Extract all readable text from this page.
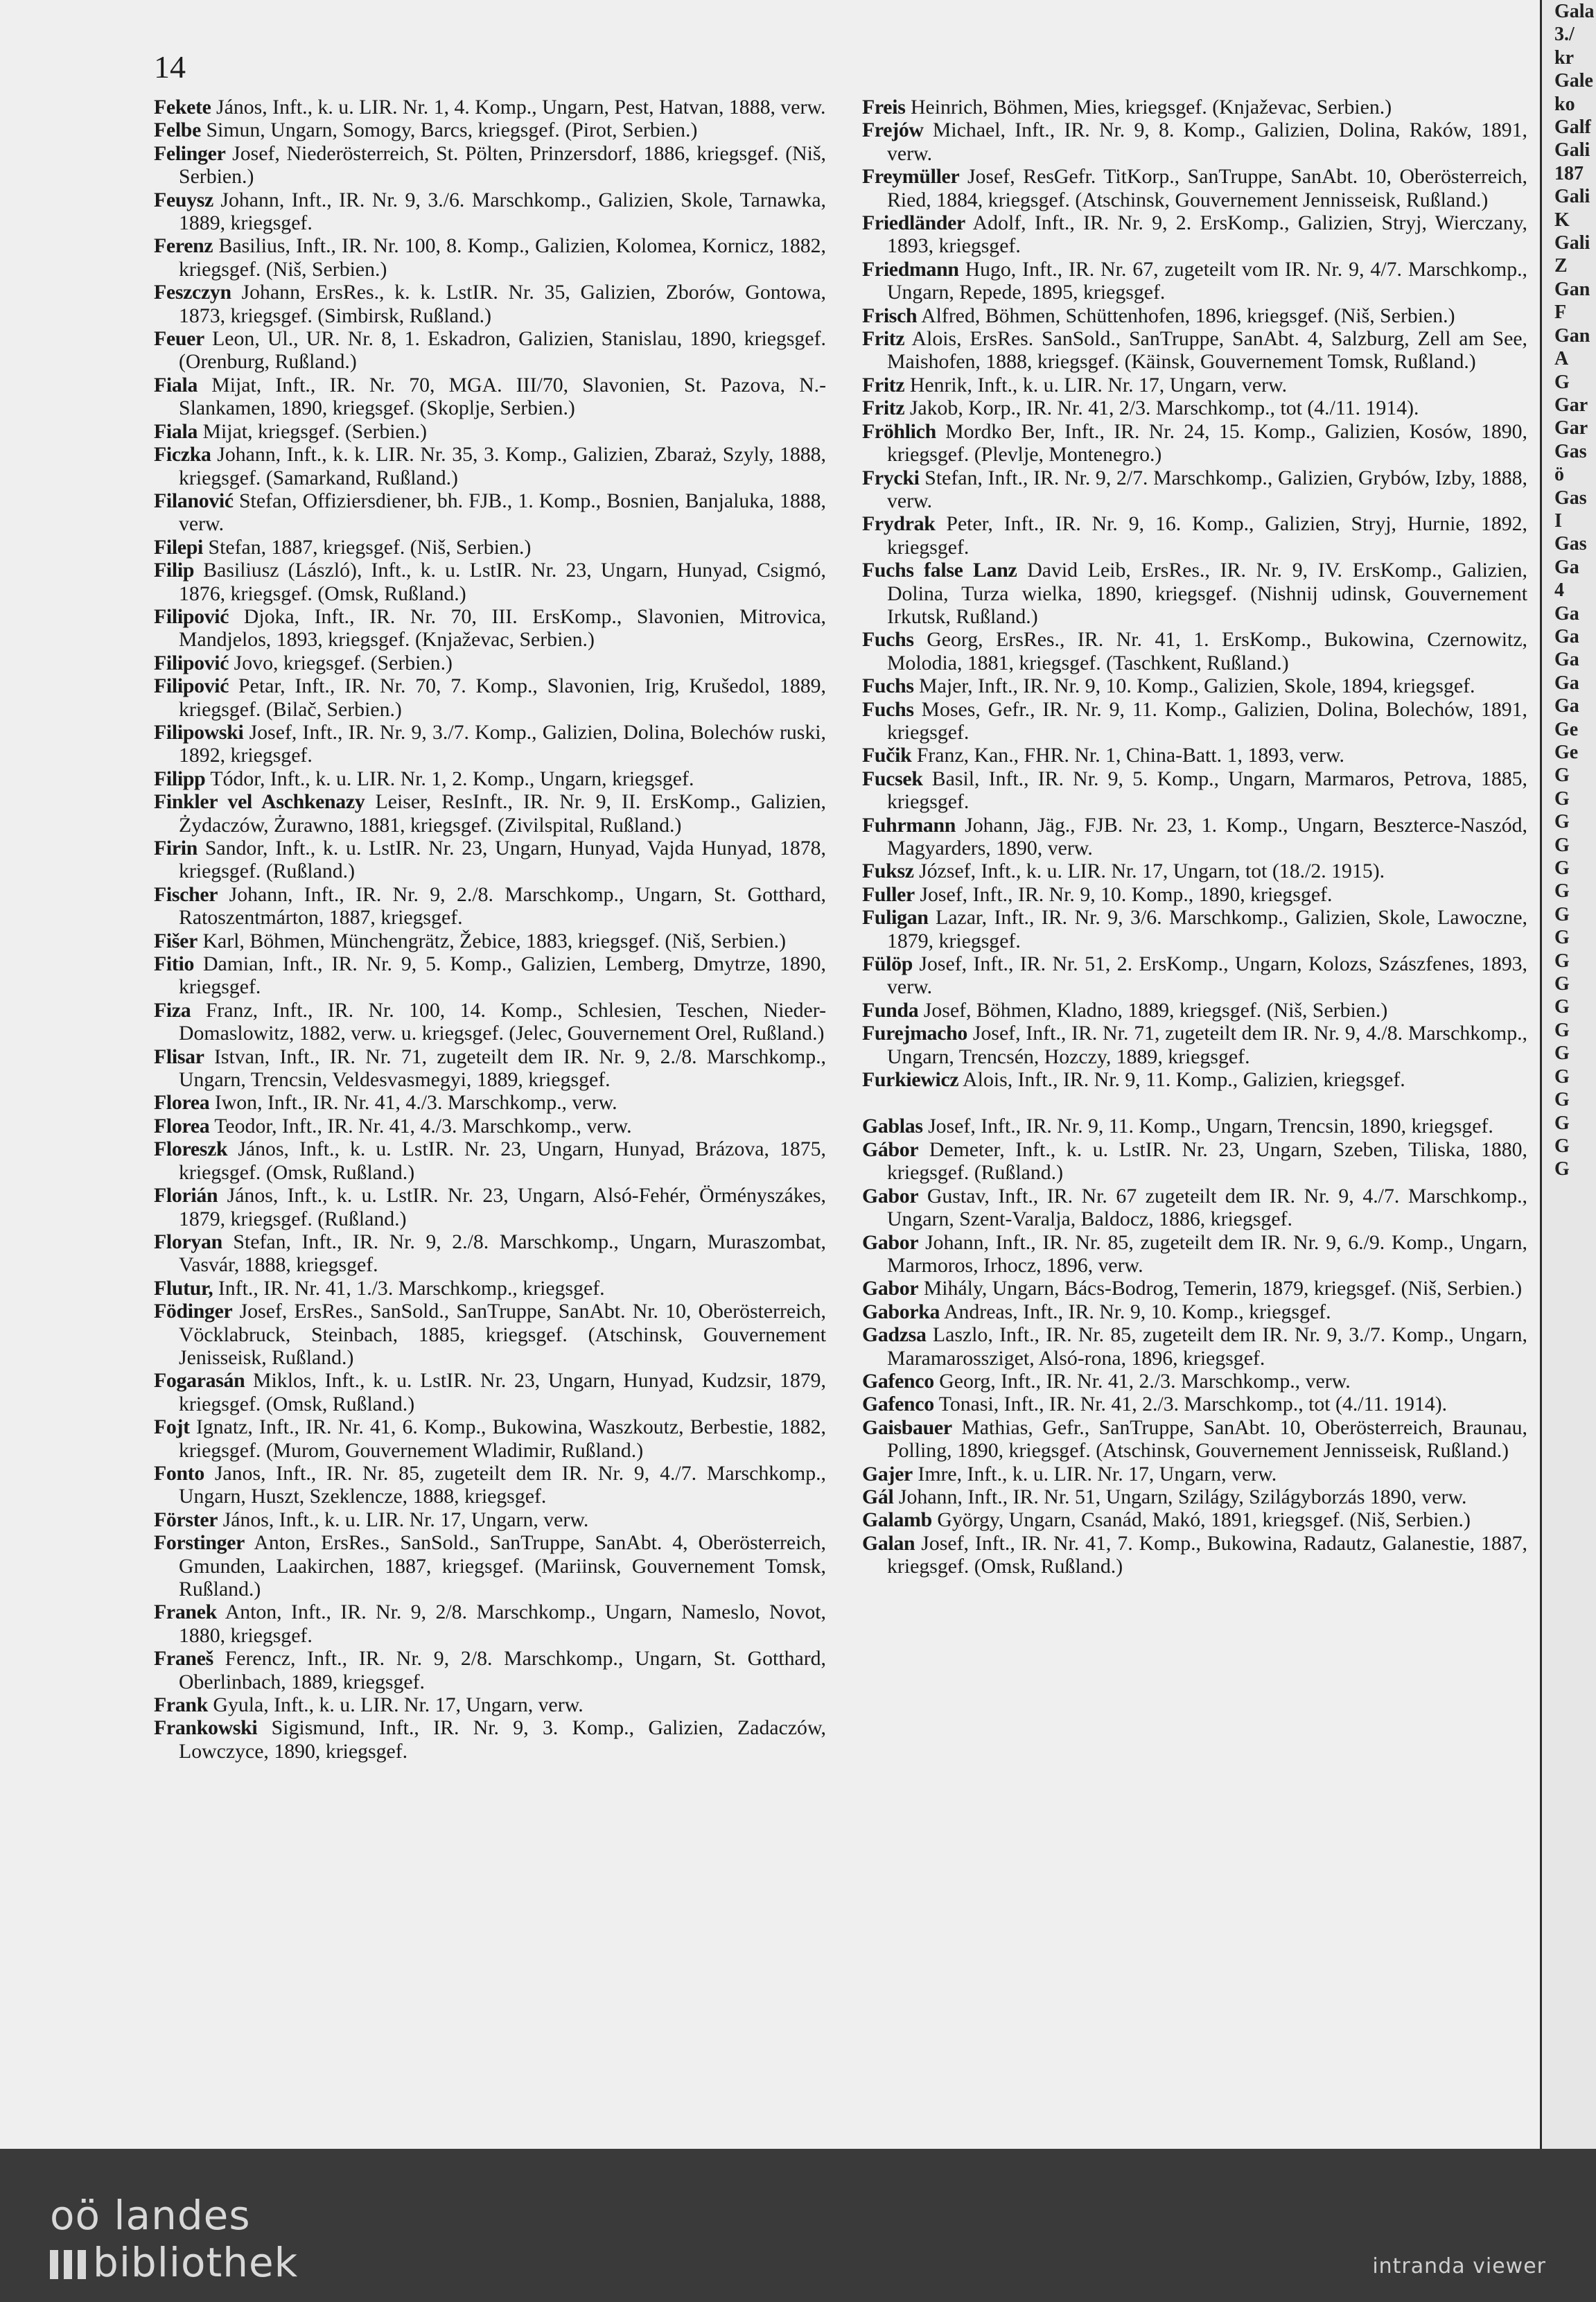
14

Fekete János, Inft., k. u. LIR. Nr. 1, 4. Komp., Ungarn, Pest, Hatvan, 1888, verw.

Felbe Simun, Ungarn, Somogy, Barcs, kriegsgef. (Pirot, Serbien.)

Felinger Josef, Niederösterreich, St. Pölten, Prinzersdorf, 1886, kriegsgef. (Niš, Serbien.)

Feuysz Johann, Inft., IR. Nr. 9, 3./6. Marschkomp., Galizien, Skole, Tarnawka, 1889, kriegsgef.

Ferenz Basilius, Inft., IR. Nr. 100, 8. Komp., Galizien, Kolomea, Kornicz, 1882, kriegsgef. (Niš, Serbien.)

Feszczyn Johann, ErsRes., k. k. LstIR. Nr. 35, Galizien, Zborów, Gontowa, 1873, kriegsgef. (Simbirsk, Rußland.)

Feuer Leon, Ul., UR. Nr. 8, 1. Eskadron, Galizien, Stanislau, 1890, kriegsgef. (Orenburg, Rußland.)

Fiala Mijat, Inft., IR. Nr. 70, MGA. III/70, Slavonien, St. Pazova, N.-Slankamen, 1890, kriegsgef. (Skoplje, Serbien.)

Fiala Mijat, kriegsgef. (Serbien.)

Ficzka Johann, Inft., k. k. LIR. Nr. 35, 3. Komp., Galizien, Zbaraż, Szyly, 1888, kriegsgef. (Samarkand, Rußland.)

Filanović Stefan, Offiziersdiener, bh. FJB., 1. Komp., Bosnien, Banjaluka, 1888, verw.

Filepi Stefan, 1887, kriegsgef. (Niš, Serbien.)

Filip Basiliusz (László), Inft., k. u. LstIR. Nr. 23, Ungarn, Hunyad, Csigmó, 1876, kriegsgef. (Omsk, Rußland.)

Filipović Djoka, Inft., IR. Nr. 70, III. ErsKomp., Slavonien, Mitrovica, Mandjelos, 1893, kriegsgef. (Knjaževac, Serbien.)

Filipović Jovo, kriegsgef. (Serbien.)

Filipović Petar, Inft., IR. Nr. 70, 7. Komp., Slavonien, Irig, Krušedol, 1889, kriegsgef. (Bilač, Serbien.)

Filipowski Josef, Inft., IR. Nr. 9, 3./7. Komp., Galizien, Dolina, Bolechów ruski, 1892, kriegsgef.

Filipp Tódor, Inft., k. u. LIR. Nr. 1, 2. Komp., Ungarn, kriegsgef.

Finkler vel Aschkenazy Leiser, ResInft., IR. Nr. 9, II. ErsKomp., Galizien, Żydaczów, Żurawno, 1881, kriegsgef. (Zivilspital, Rußland.)

Firin Sandor, Inft., k. u. LstIR. Nr. 23, Ungarn, Hunyad, Vajda Hunyad, 1878, kriegsgef. (Rußland.)

Fischer Johann, Inft., IR. Nr. 9, 2./8. Marschkomp., Ungarn, St. Gotthard, Ratoszentmárton, 1887, kriegsgef.

Fišer Karl, Böhmen, Münchengrätz, Žebice, 1883, kriegsgef. (Niš, Serbien.)

Fitio Damian, Inft., IR. Nr. 9, 5. Komp., Galizien, Lemberg, Dmytrze, 1890, kriegsgef.

Fiza Franz, Inft., IR. Nr. 100, 14. Komp., Schlesien, Teschen, Nieder-Domaslowitz, 1882, verw. u. kriegsgef. (Jelec, Gouvernement Orel, Rußland.)

Flisar Istvan, Inft., IR. Nr. 71, zugeteilt dem IR. Nr. 9, 2./8. Marschkomp., Ungarn, Trencsin, Veldesvasmegyi, 1889, kriegsgef.

Florea Iwon, Inft., IR. Nr. 41, 4./3. Marschkomp., verw.

Florea Teodor, Inft., IR. Nr. 41, 4./3. Marschkomp., verw.

Floreszk János, Inft., k. u. LstIR. Nr. 23, Ungarn, Hunyad, Brázova, 1875, kriegsgef. (Omsk, Rußland.)

Florián János, Inft., k. u. LstIR. Nr. 23, Ungarn, Alsó-Fehér, Örményszákes, 1879, kriegsgef. (Rußland.)

Floryan Stefan, Inft., IR. Nr. 9, 2./8. Marschkomp., Ungarn, Muraszombat, Vasvár, 1888, kriegsgef.

Flutur, Inft., IR. Nr. 41, 1./3. Marschkomp., kriegsgef.

Födinger Josef, ErsRes., SanSold., SanTruppe, SanAbt. Nr. 10, Oberösterreich, Vöcklabruck, Steinbach, 1885, kriegsgef. (Atschinsk, Gouvernement Jenisseisk, Rußland.)

Fogarasán Miklos, Inft., k. u. LstIR. Nr. 23, Ungarn, Hunyad, Kudzsir, 1879, kriegsgef. (Omsk, Rußland.)

Fojt Ignatz, Inft., IR. Nr. 41, 6. Komp., Bukowina, Waszkoutz, Berbestie, 1882, kriegsgef. (Murom, Gouvernement Wladimir, Rußland.)

Fonto Janos, Inft., IR. Nr. 85, zugeteilt dem IR. Nr. 9, 4./7. Marschkomp., Ungarn, Huszt, Szeklencze, 1888, kriegsgef.

Förster János, Inft., k. u. LIR. Nr. 17, Ungarn, verw.

Forstinger Anton, ErsRes., SanSold., SanTruppe, SanAbt. 4, Oberösterreich, Gmunden, Laakirchen, 1887, kriegsgef. (Mariinsk, Gouvernement Tomsk, Rußland.)

Franek Anton, Inft., IR. Nr. 9, 2/8. Marschkomp., Ungarn, Nameslo, Novot, 1880, kriegsgef.

Franeš Ferencz, Inft., IR. Nr. 9, 2/8. Marschkomp., Ungarn, St. Gotthard, Oberlinbach, 1889, kriegsgef.

Frank Gyula, Inft., k. u. LIR. Nr. 17, Ungarn, verw.

Frankowski Sigismund, Inft., IR. Nr. 9, 3. Komp., Galizien, Zadaczów, Lowczyce, 1890, kriegsgef.

Freis Heinrich, Böhmen, Mies, kriegsgef. (Knjaževac, Serbien.)

Frejów Michael, Inft., IR. Nr. 9, 8. Komp., Galizien, Dolina, Raków, 1891, verw.

Freymüller Josef, ResGefr. TitKorp., SanTruppe, SanAbt. 10, Oberösterreich, Ried, 1884, kriegsgef. (Atschinsk, Gouvernement Jennisseisk, Rußland.)

Friedländer Adolf, Inft., IR. Nr. 9, 2. ErsKomp., Galizien, Stryj, Wierczany, 1893, kriegsgef.

Friedmann Hugo, Inft., IR. Nr. 67, zugeteilt vom IR. Nr. 9, 4/7. Marschkomp., Ungarn, Repede, 1895, kriegsgef.

Frisch Alfred, Böhmen, Schüttenhofen, 1896, kriegsgef. (Niš, Serbien.)

Fritz Alois, ErsRes. SanSold., SanTruppe, SanAbt. 4, Salzburg, Zell am See, Maishofen, 1888, kriegsgef. (Käinsk, Gouvernement Tomsk, Rußland.)

Fritz Henrik, Inft., k. u. LIR. Nr. 17, Ungarn, verw.

Fritz Jakob, Korp., IR. Nr. 41, 2/3. Marschkomp., tot (4./11. 1914).

Fröhlich Mordko Ber, Inft., IR. Nr. 24, 15. Komp., Galizien, Kosów, 1890, kriegsgef. (Plevlje, Montenegro.)

Frycki Stefan, Inft., IR. Nr. 9, 2/7. Marschkomp., Galizien, Grybów, Izby, 1888, verw.

Frydrak Peter, Inft., IR. Nr. 9, 16. Komp., Galizien, Stryj, Hurnie, 1892, kriegsgef.

Fuchs false Lanz David Leib, ErsRes., IR. Nr. 9, IV. ErsKomp., Galizien, Dolina, Turza wielka, 1890, kriegsgef. (Nishnij udinsk, Gouvernement Irkutsk, Rußland.)

Fuchs Georg, ErsRes., IR. Nr. 41, 1. ErsKomp., Bukowina, Czernowitz, Molodia, 1881, kriegsgef. (Taschkent, Rußland.)

Fuchs Majer, Inft., IR. Nr. 9, 10. Komp., Galizien, Skole, 1894, kriegsgef.

Fuchs Moses, Gefr., IR. Nr. 9, 11. Komp., Galizien, Dolina, Bolechów, 1891, kriegsgef.

Fučik Franz, Kan., FHR. Nr. 1, China-Batt. 1, 1893, verw.

Fucsek Basil, Inft., IR. Nr. 9, 5. Komp., Ungarn, Marmaros, Petrova, 1885, kriegsgef.

Fuhrmann Johann, Jäg., FJB. Nr. 23, 1. Komp., Ungarn, Beszterce-Naszód, Magyarders, 1890, verw.

Fuksz József, Inft., k. u. LIR. Nr. 17, Ungarn, tot (18./2. 1915).

Fuller Josef, Inft., IR. Nr. 9, 10. Komp., 1890, kriegsgef.

Fuligan Lazar, Inft., IR. Nr. 9, 3/6. Marschkomp., Galizien, Skole, Lawoczne, 1879, kriegsgef.

Fülöp Josef, Inft., IR. Nr. 51, 2. ErsKomp., Ungarn, Kolozs, Szászfenes, 1893, verw.

Funda Josef, Böhmen, Kladno, 1889, kriegsgef. (Niš, Serbien.)

Furejmacho Josef, Inft., IR. Nr. 71, zugeteilt dem IR. Nr. 9, 4./8. Marschkomp., Ungarn, Trencsén, Hozczy, 1889, kriegsgef.

Furkiewicz Alois, Inft., IR. Nr. 9, 11. Komp., Galizien, kriegsgef.

Gablas Josef, Inft., IR. Nr. 9, 11. Komp., Ungarn, Trencsin, 1890, kriegsgef.

Gábor Demeter, Inft., k. u. LstIR. Nr. 23, Ungarn, Szeben, Tiliska, 1880, kriegsgef. (Rußland.)

Gabor Gustav, Inft., IR. Nr. 67 zugeteilt dem IR. Nr. 9, 4./7. Marschkomp., Ungarn, Szent-Varalja, Baldocz, 1886, kriegsgef.

Gabor Johann, Inft., IR. Nr. 85, zugeteilt dem IR. Nr. 9, 6./9. Komp., Ungarn, Marmoros, Irhocz, 1896, verw.

Gabor Mihály, Ungarn, Bács-Bodrog, Temerin, 1879, kriegsgef. (Niš, Serbien.)

Gaborka Andreas, Inft., IR. Nr. 9, 10. Komp., kriegsgef.

Gadzsa Laszlo, Inft., IR. Nr. 85, zugeteilt dem IR. Nr. 9, 3./7. Komp., Ungarn, Maramarossziget, Alsó-rona, 1896, kriegsgef.

Gafenco Georg, Inft., IR. Nr. 41, 2./3. Marschkomp., verw.

Gafenco Tonasi, Inft., IR. Nr. 41, 2./3. Marschkomp., tot (4./11. 1914).

Gaisbauer Mathias, Gefr., SanTruppe, SanAbt. 10, Oberösterreich, Braunau, Polling, 1890, kriegsgef. (Atschinsk, Gouvernement Jennisseisk, Rußland.)

Gajer Imre, Inft., k. u. LIR. Nr. 17, Ungarn, verw.

Gál Johann, Inft., IR. Nr. 51, Ungarn, Szilágy, Szilágyborzás 1890, verw.

Galamb György, Ungarn, Csanád, Makó, 1891, kriegsgef. (Niš, Serbien.)

Galan Josef, Inft., IR. Nr. 41, 7. Komp., Bukowina, Radautz, Galanestie, 1887, kriegsgef. (Omsk, Rußland.)

Gala
3./
kr
Gale
ko
Galf
Gali
187
Gali
K
Gali
Z
Gan
F
Gan
A
G
Gar
Gar
Gas
ö
Gas
I
Gas
Ga
4
Ga
Ga
Ga
Ga
Ga
Ge
Ge
G
G
G
G
G
G
G
G
G
G
G
G
G
G
G
G
G
G
oö landes
bibliothek	intranda viewer
